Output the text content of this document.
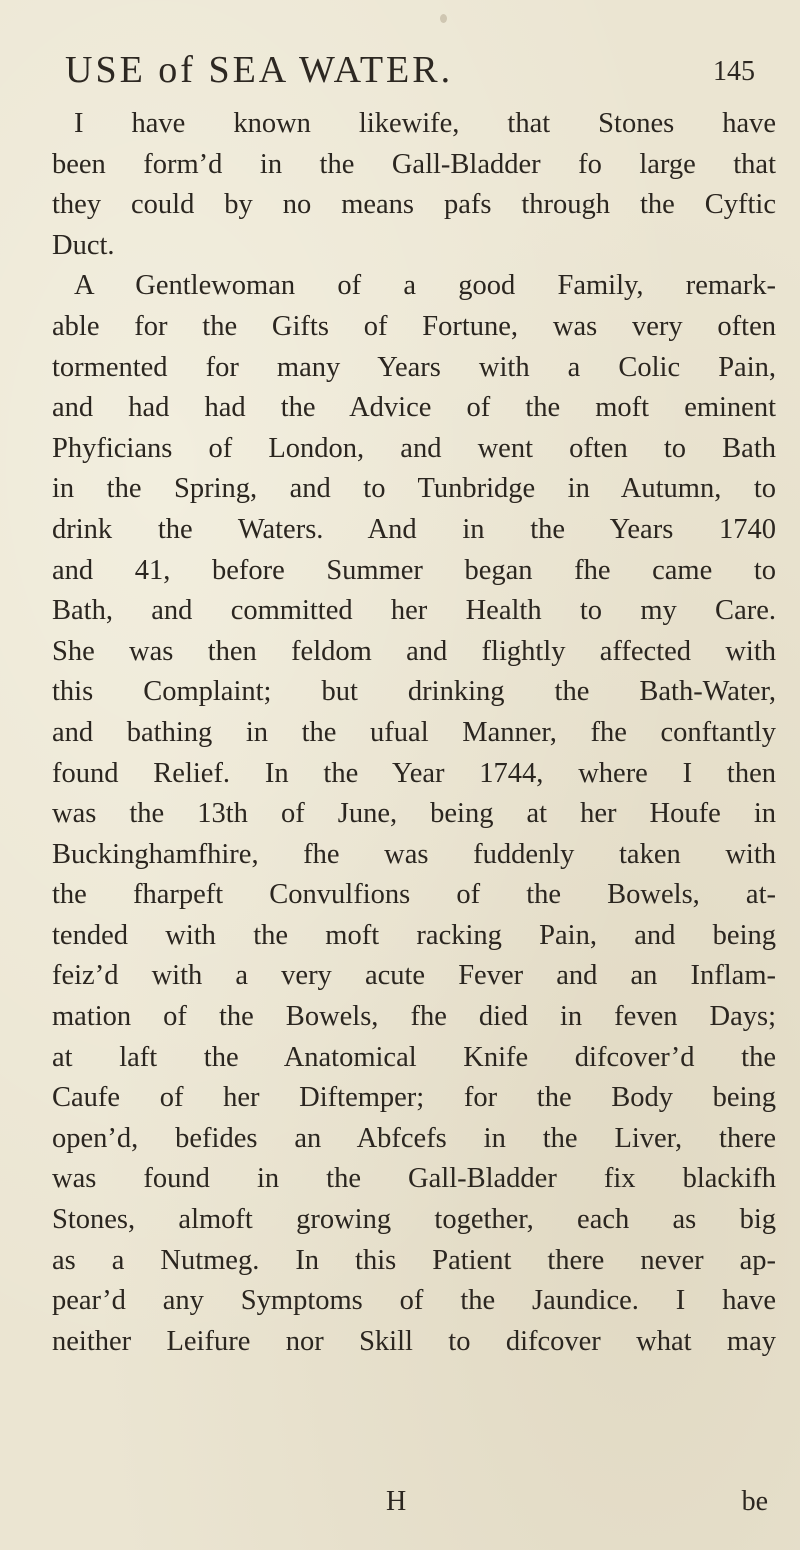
USE of SEA WATER.	145
I have known likewife, that Stones have
been form’d in the Gall-Bladder fo large that
they could by no means pafs through the Cyftic
Duct.
A Gentlewoman of a good Family, remark-
able for the Gifts of Fortune, was very often
tormented for many Years with a Colic Pain,
and had had the Advice of the moft eminent
Phyficians of London, and went often to Bath
in the Spring, and to Tunbridge in Autumn, to
drink the Waters. And in the Years 1740
and 41, before Summer began fhe came to
Bath, and committed her Health to my Care.
She was then feldom and flightly affected with
this Complaint; but drinking the Bath-Water,
and bathing in the ufual Manner, fhe conftantly
found Relief. In the Year 1744, where I then
was the 13th of June, being at her Houfe in
Buckinghamfhire, fhe was fuddenly taken with
the fharpeft Convulfions of the Bowels, at-
tended with the moft racking Pain, and being
feiz’d with a very acute Fever and an Inflam-
mation of the Bowels, fhe died in feven Days;
at laft the Anatomical Knife difcover’d the
Caufe of her Diftemper; for the Body being
open’d, befides an Abfcefs in the Liver, there
was found in the Gall-Bladder fix blackifh
Stones, almoft growing together, each as big
as a Nutmeg. In this Patient there never ap-
pear’d any Symptoms of the Jaundice. I have
neither Leifure nor Skill to difcover what may
H	be
